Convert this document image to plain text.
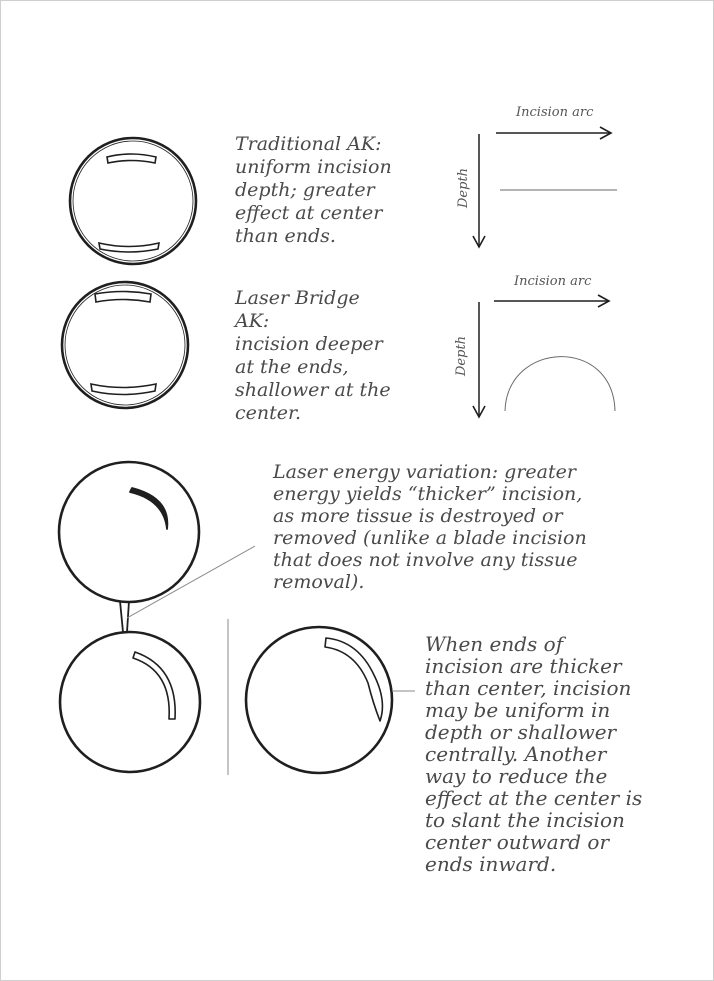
Incision arc
Depth
Incision arc
Depth
Traditional AK:
uniform incision
depth; greater
effect at center
than ends.
Laser Bridge
AK:
incision deeper
at the ends,
shallower at the
center.
Laser energy variation: greater
energy yields “thicker” incision,
as more tissue is destroyed or
removed (unlike a blade incision
that does not involve any tissue
removal).
When ends of
incision are thicker
than center, incision
may be uniform in
depth or shallower
centrally. Another
way to reduce the
effect at the center is
to slant the incision
center outward or
ends inward.
